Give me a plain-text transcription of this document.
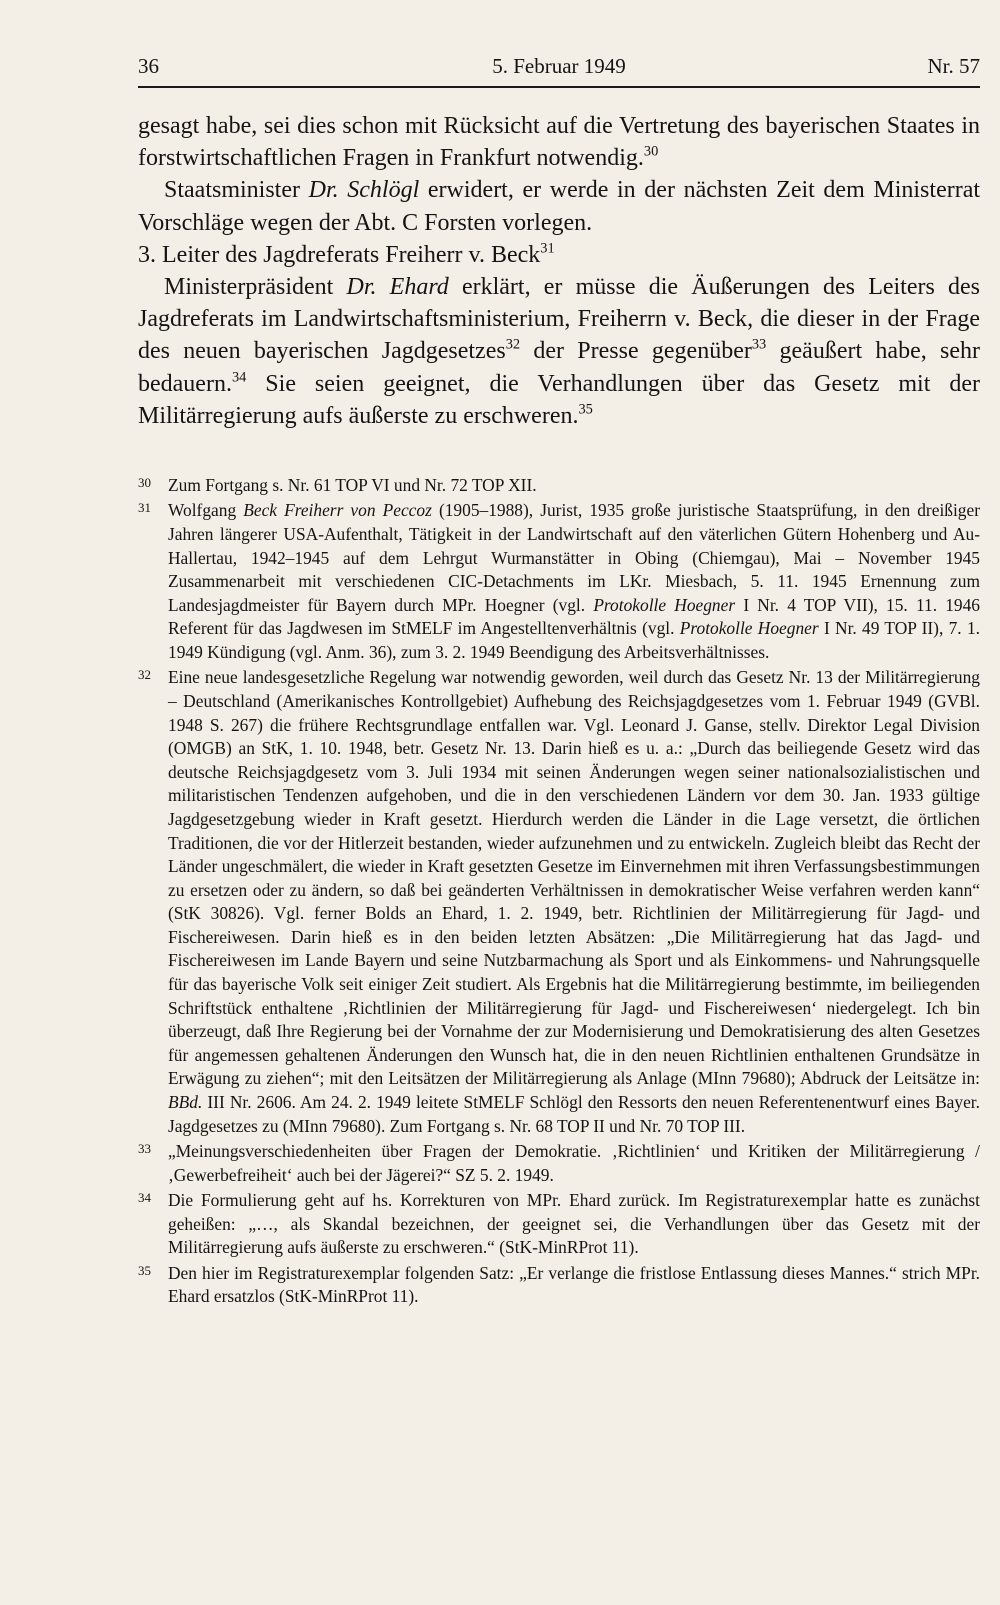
36	5. Februar 1949	Nr. 57

gesagt habe, sei dies schon mit Rücksicht auf die Vertretung des bayerischen Staates in forstwirtschaftlichen Fragen in Frankfurt notwendig.$^{30}$

Staatsminister Dr. Schlögl erwidert, er werde in der nächsten Zeit dem Ministerrat Vorschläge wegen der Abt. C Forsten vorlegen.

3. Leiter des Jagdreferats Freiherr v. Beck$^{31}$

Ministerpräsident Dr. Ehard erklärt, er müsse die Äußerungen des Leiters des Jagdreferats im Landwirtschaftsministerium, Freiherrn v. Beck, die dieser in der Frage des neuen bayerischen Jagdgesetzes$^{32}$ der Presse gegenüber$^{33}$ geäußert habe, sehr bedauern.$^{34}$ Sie seien geeignet, die Verhandlungen über das Gesetz mit der Militärregierung aufs äußerste zu erschweren.$^{35}$

30 Zum Fortgang s. Nr. 61 TOP VI und Nr. 72 TOP XII.
31 Wolfgang Beck Freiherr von Peccoz (1905–1988), Jurist, 1935 große juristische Staatsprüfung, in den dreißiger Jahren längerer USA-Aufenthalt, Tätigkeit in der Landwirtschaft auf den väterlichen Gütern Hohenberg und Au-Hallertau, 1942–1945 auf dem Lehrgut Wurmanstätter in Obing (Chiemgau), Mai – November 1945 Zusammenarbeit mit verschiedenen CIC-Detachments im LKr. Miesbach, 5. 11. 1945 Ernennung zum Landesjagdmeister für Bayern durch MPr. Hoegner (vgl. Protokolle Hoegner I Nr. 4 TOP VII), 15. 11. 1946 Referent für das Jagdwesen im StMELF im Angestelltenverhältnis (vgl. Protokolle Hoegner I Nr. 49 TOP II), 7. 1. 1949 Kündigung (vgl. Anm. 36), zum 3. 2. 1949 Beendigung des Arbeitsverhältnisses.
32 Eine neue landesgesetzliche Regelung war notwendig geworden, weil durch das Gesetz Nr. 13 der Militärregierung – Deutschland (Amerikanisches Kontrollgebiet) Aufhebung des Reichsjagdgesetzes vom 1. Februar 1949 (GVBl. 1948 S. 267) die frühere Rechtsgrundlage entfallen war. Vgl. Leonard J. Ganse, stellv. Direktor Legal Division (OMGB) an StK, 1. 10. 1948, betr. Gesetz Nr. 13. Darin hieß es u. a.: „Durch das beiliegende Gesetz wird das deutsche Reichsjagdgesetz vom 3. Juli 1934 mit seinen Änderungen wegen seiner nationalsozialistischen und militaristischen Tendenzen aufgehoben, und die in den verschiedenen Ländern vor dem 30. Jan. 1933 gültige Jagdgesetzgebung wieder in Kraft gesetzt. Hierdurch werden die Länder in die Lage versetzt, die örtlichen Traditionen, die vor der Hitlerzeit bestanden, wieder aufzunehmen und zu entwickeln. Zugleich bleibt das Recht der Länder ungeschmälert, die wieder in Kraft gesetzten Gesetze im Einvernehmen mit ihren Verfassungsbestimmungen zu ersetzen oder zu ändern, so daß bei geänderten Verhältnissen in demokratischer Weise verfahren werden kann“ (StK 30826). Vgl. ferner Bolds an Ehard, 1. 2. 1949, betr. Richtlinien der Militärregierung für Jagd- und Fischereiwesen. Darin hieß es in den beiden letzten Absätzen: „Die Militärregierung hat das Jagd- und Fischereiwesen im Lande Bayern und seine Nutzbarmachung als Sport und als Einkommens- und Nahrungsquelle für das bayerische Volk seit einiger Zeit studiert. Als Ergebnis hat die Militärregierung bestimmte, im beiliegenden Schriftstück enthaltene ‚Richtlinien der Militärregierung für Jagd- und Fischereiwesen‘ niedergelegt. Ich bin überzeugt, daß Ihre Regierung bei der Vornahme der zur Modernisierung und Demokratisierung des alten Gesetzes für angemessen gehaltenen Änderungen den Wunsch hat, die in den neuen Richtlinien enthaltenen Grundsätze in Erwägung zu ziehen“; mit den Leitsätzen der Militärregierung als Anlage (MInn 79680); Abdruck der Leitsätze in: BBd. III Nr. 2606. Am 24. 2. 1949 leitete StMELF Schlögl den Ressorts den neuen Referentenentwurf eines Bayer. Jagdgesetzes zu (MInn 79680). Zum Fortgang s. Nr. 68 TOP II und Nr. 70 TOP III.
33 „Meinungsverschiedenheiten über Fragen der Demokratie. ‚Richtlinien‘ und Kritiken der Militärregierung / ‚Gewerbefreiheit‘ auch bei der Jägerei?“ SZ 5. 2. 1949.
34 Die Formulierung geht auf hs. Korrekturen von MPr. Ehard zurück. Im Registraturexemplar hatte es zunächst geheißen: „…, als Skandal bezeichnen, der geeignet sei, die Verhandlungen über das Gesetz mit der Militärregierung aufs äußerste zu erschweren.“ (StK-MinRProt 11).
35 Den hier im Registraturexemplar folgenden Satz: „Er verlange die fristlose Entlassung dieses Mannes.“ strich MPr. Ehard ersatzlos (StK-MinRProt 11).
